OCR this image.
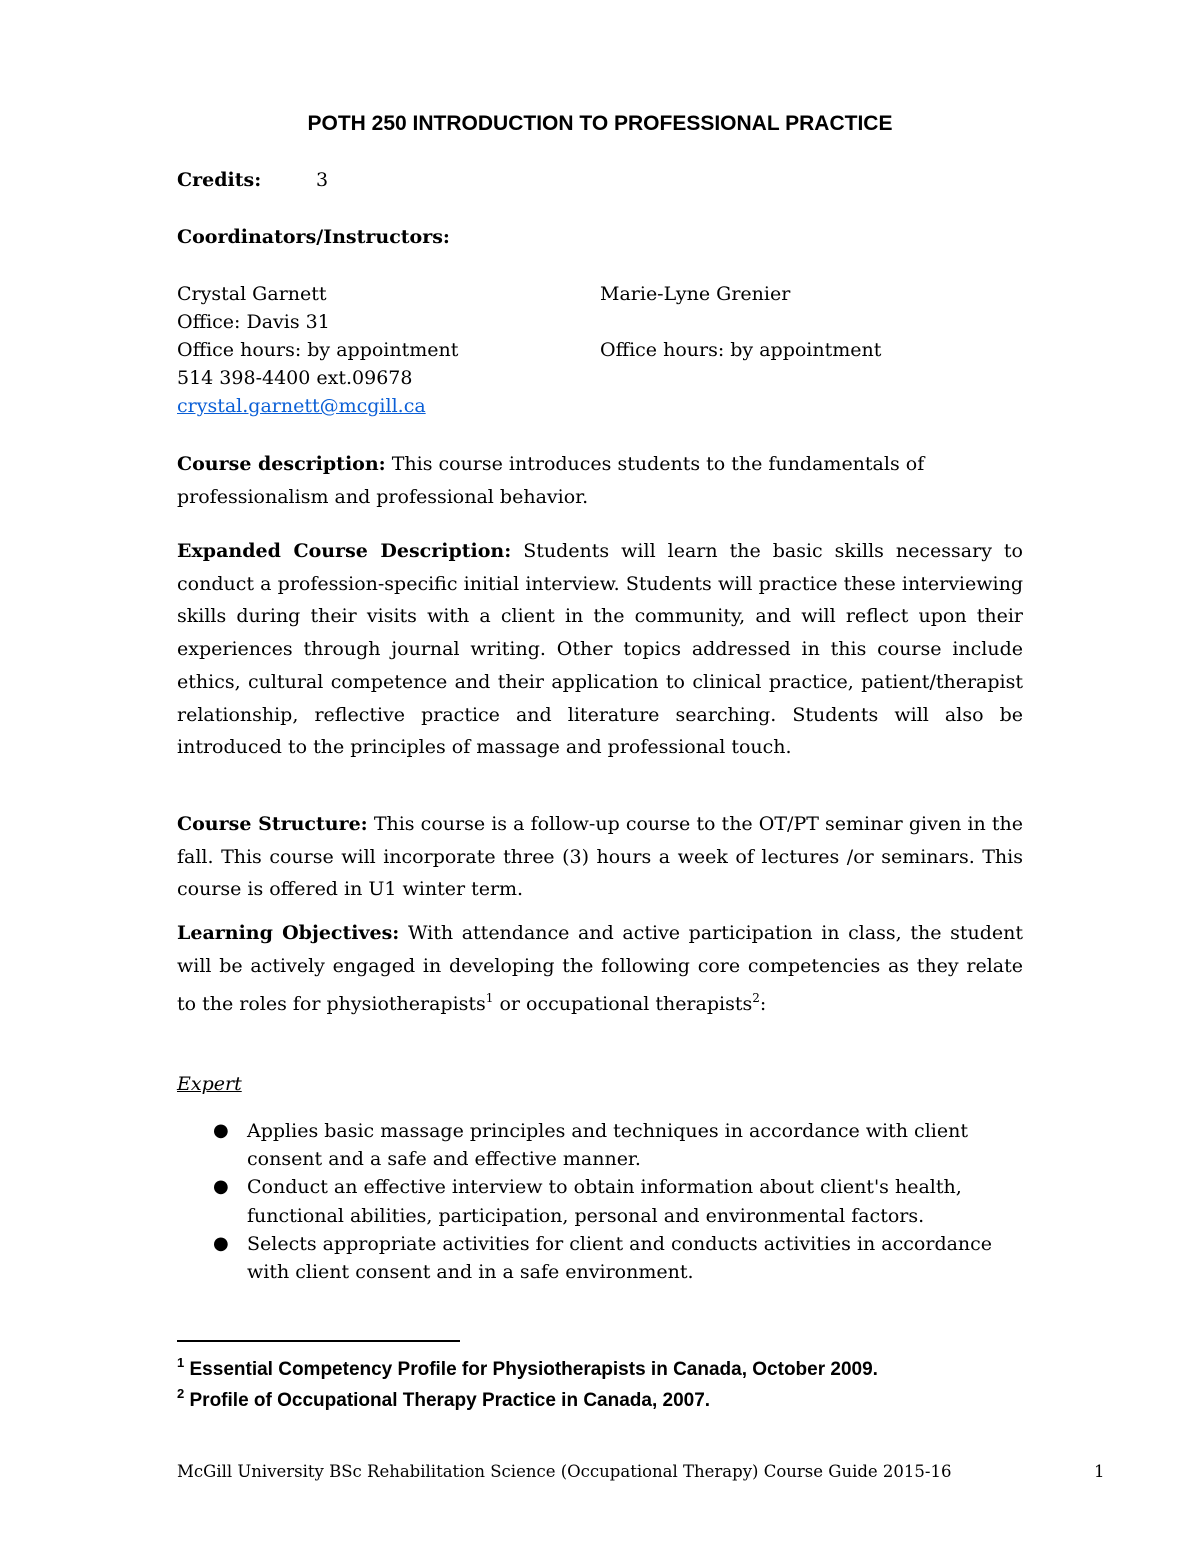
POTH 250 INTRODUCTION TO PROFESSIONAL PRACTICE
Credits:	3
Coordinators/Instructors:
Crystal Garnett
Office: Davis 31
Office hours: by appointment
514 398-4400 ext.09678
crystal.garnett@mcgill.ca
Marie-Lyne Grenier
Office hours: by appointment
Course description: This course introduces students to the fundamentals of professionalism and professional behavior.
Expanded Course Description: Students will learn the basic skills necessary to conduct a profession-specific initial interview. Students will practice these interviewing skills during their visits with a client in the community, and will reflect upon their experiences through journal writing. Other topics addressed in this course include ethics, cultural competence and their application to clinical practice, patient/therapist relationship, reflective practice and literature searching. Students will also be introduced to the principles of massage and professional touch.
Course Structure: This course is a follow-up course to the OT/PT seminar given in the fall. This course will incorporate three (3) hours a week of lectures /or seminars. This course is offered in U1 winter term.
Learning Objectives: With attendance and active participation in class, the student will be actively engaged in developing the following core competencies as they relate to the roles for physiotherapists$^1$ or occupational therapists$^2$:
Expert
● Applies basic massage principles and techniques in accordance with client consent and a safe and effective manner.
● Conduct an effective interview to obtain information about client's health, functional abilities, participation, personal and environmental factors.
● Selects appropriate activities for client and conducts activities in accordance with client consent and in a safe environment.
$^1$ Essential Competency Profile for Physiotherapists in Canada, October 2009.
$^2$ Profile of Occupational Therapy Practice in Canada, 2007.
McGill University BSc Rehabilitation Science (Occupational Therapy) Course Guide 2015-16	1
